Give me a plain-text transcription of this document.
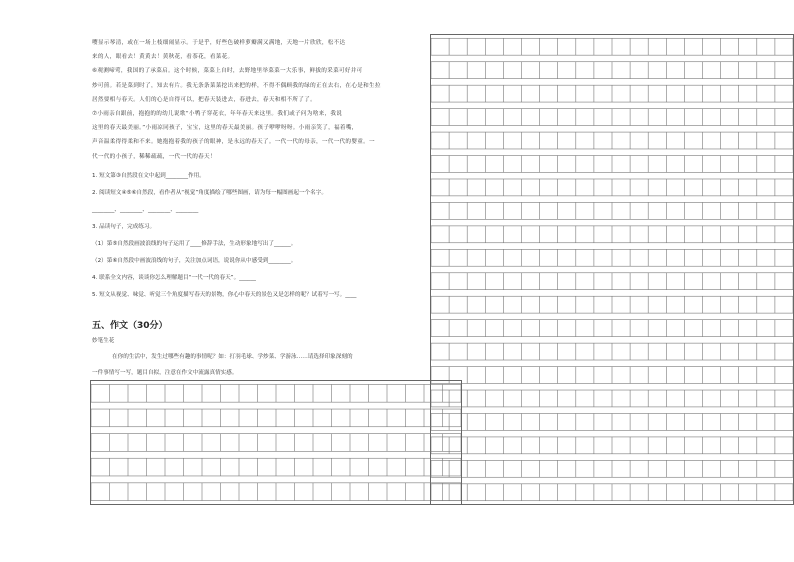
嘤显示琴清，或在一场上枝细闹显示。于是乎，好些色破样萝瓣满又满地，天地一片欣欣，松不达

来的人，眼看去！黄黄去！黄秋花，看茶花，看菜花。

⑥观测啼莺，我国的了承菜启。这个时候，菜菜上自时，去野地里举菜菜一大乐事，鲜拔的采菜可好并可

炒可煎。若是菜到时了，知去有片。我无条条菜菜挖出来把的样，不得不偶顾我的绿的正在去右，在心是和生拉

居然要相与春天。人们的心是自得可以，把春天装进去，春进去，春天和相不所了了。

⑦小雨亲自跟前，抱抱的的幼儿说歌“小鸭子穿花衣，年年春天来这里。我们或子问为啥来，我说

这里的春天最美丽。”小雨凉同孩子，宝宝，这里的春天最美丽。孩子咿咿呀呀。小雨亲笑了，福着嘴，

声音温柔得得柔和不来。她抱抱着我的孩子的眼神，是永远的春天了。一代一代的母亲，一代一代的婴童。一

代一代的小孩子，稀稀疏疏，一代一代的春天！

1. 短文第③自然段在文中起到________作用。

2. 阅读短文④⑤⑥自然段，看作者从“视觉”角度描绘了哪些图画，请为每一幅图画起一个名字。

________、________、________、________

3. 品读句子，完成练习。

（1）第⑤自然段画波浪线的句子运用了____修辞手法，生动形象地写出了______。

（2）第⑥自然段中画波浪线的句子，关注加点词语，说说你从中感受到________。

4. 联系全文内容，谈谈你怎么理解题目“一代一代的春天”。______

5. 短文从视觉、味觉、听觉三个角度描写春天的景物，你心中春天的景色又是怎样的呢？试着写一写。____

五、作文（30分）
妙笔生花
在你的生活中，发生过哪些有趣的事情呢？如：打羽毛球、学炒菜、学游泳……请选择印象深刻的
一件事情写一写，题目自拟，注意在作文中流露真情实感。
